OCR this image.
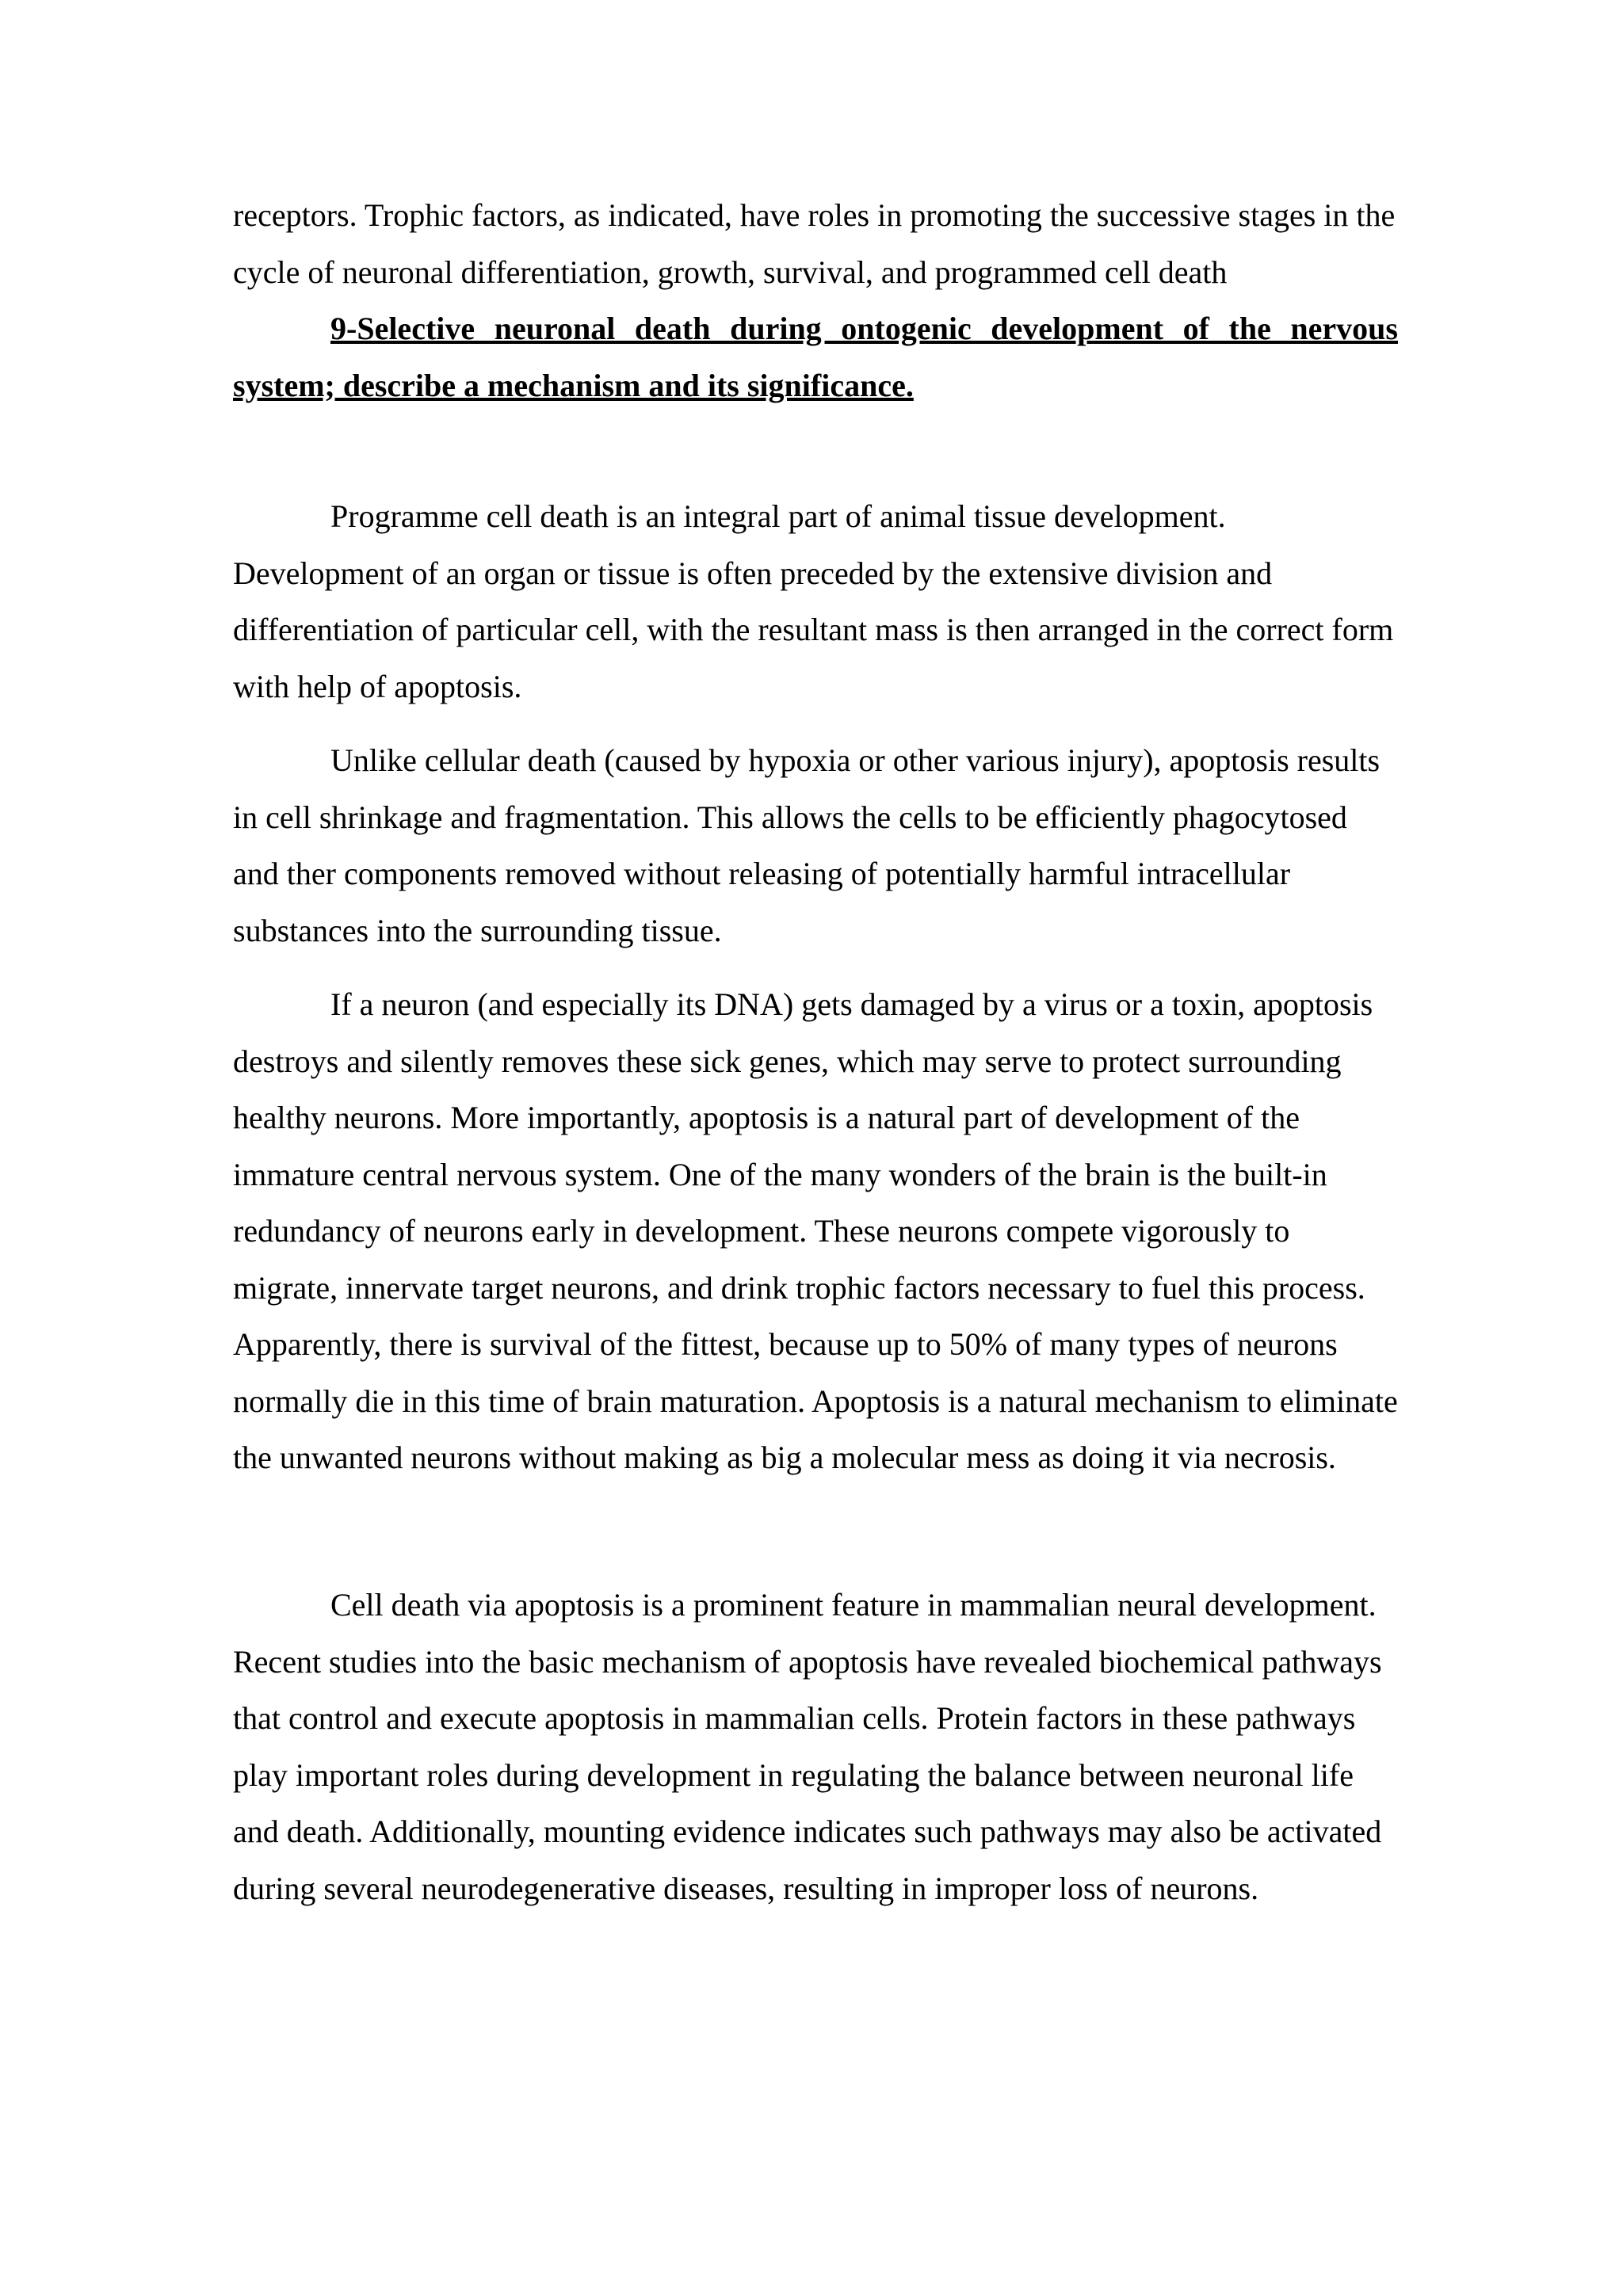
receptors. Trophic factors, as indicated, have roles in promoting the successive stages in the cycle of neuronal differentiation, growth, survival, and programmed cell death

9-Selective neuronal death during ontogenic development of the nervous system; describe a mechanism and its significance.

Programme cell death is an integral part of animal tissue development. Development of an organ or tissue is often preceded by the extensive division and differentiation of particular cell, with the resultant mass is then arranged in the correct form with help of apoptosis.

Unlike cellular death (caused by hypoxia or other various injury), apoptosis results in cell shrinkage and fragmentation. This allows the cells to be efficiently phagocytosed and ther components removed without releasing of potentially harmful intracellular substances into the surrounding tissue.

If a neuron (and especially its DNA) gets damaged by a virus or a toxin, apoptosis destroys and silently removes these sick genes, which may serve to protect surrounding healthy neurons. More importantly, apoptosis is a natural part of development of the immature central nervous system. One of the many wonders of the brain is the built-in redundancy of neurons early in development. These neurons compete vigorously to migrate, innervate target neurons, and drink trophic factors necessary to fuel this process. Apparently, there is survival of the fittest, because up to 50% of many types of neurons normally die in this time of brain maturation. Apoptosis is a natural mechanism to eliminate the unwanted neurons without making as big a molecular mess as doing it via necrosis.

Cell death via apoptosis is a prominent feature in mammalian neural development. Recent studies into the basic mechanism of apoptosis have revealed biochemical pathways that control and execute apoptosis in mammalian cells. Protein factors in these pathways play important roles during development in regulating the balance between neuronal life and death. Additionally, mounting evidence indicates such pathways may also be activated during several neurodegenerative diseases, resulting in improper loss of neurons.
